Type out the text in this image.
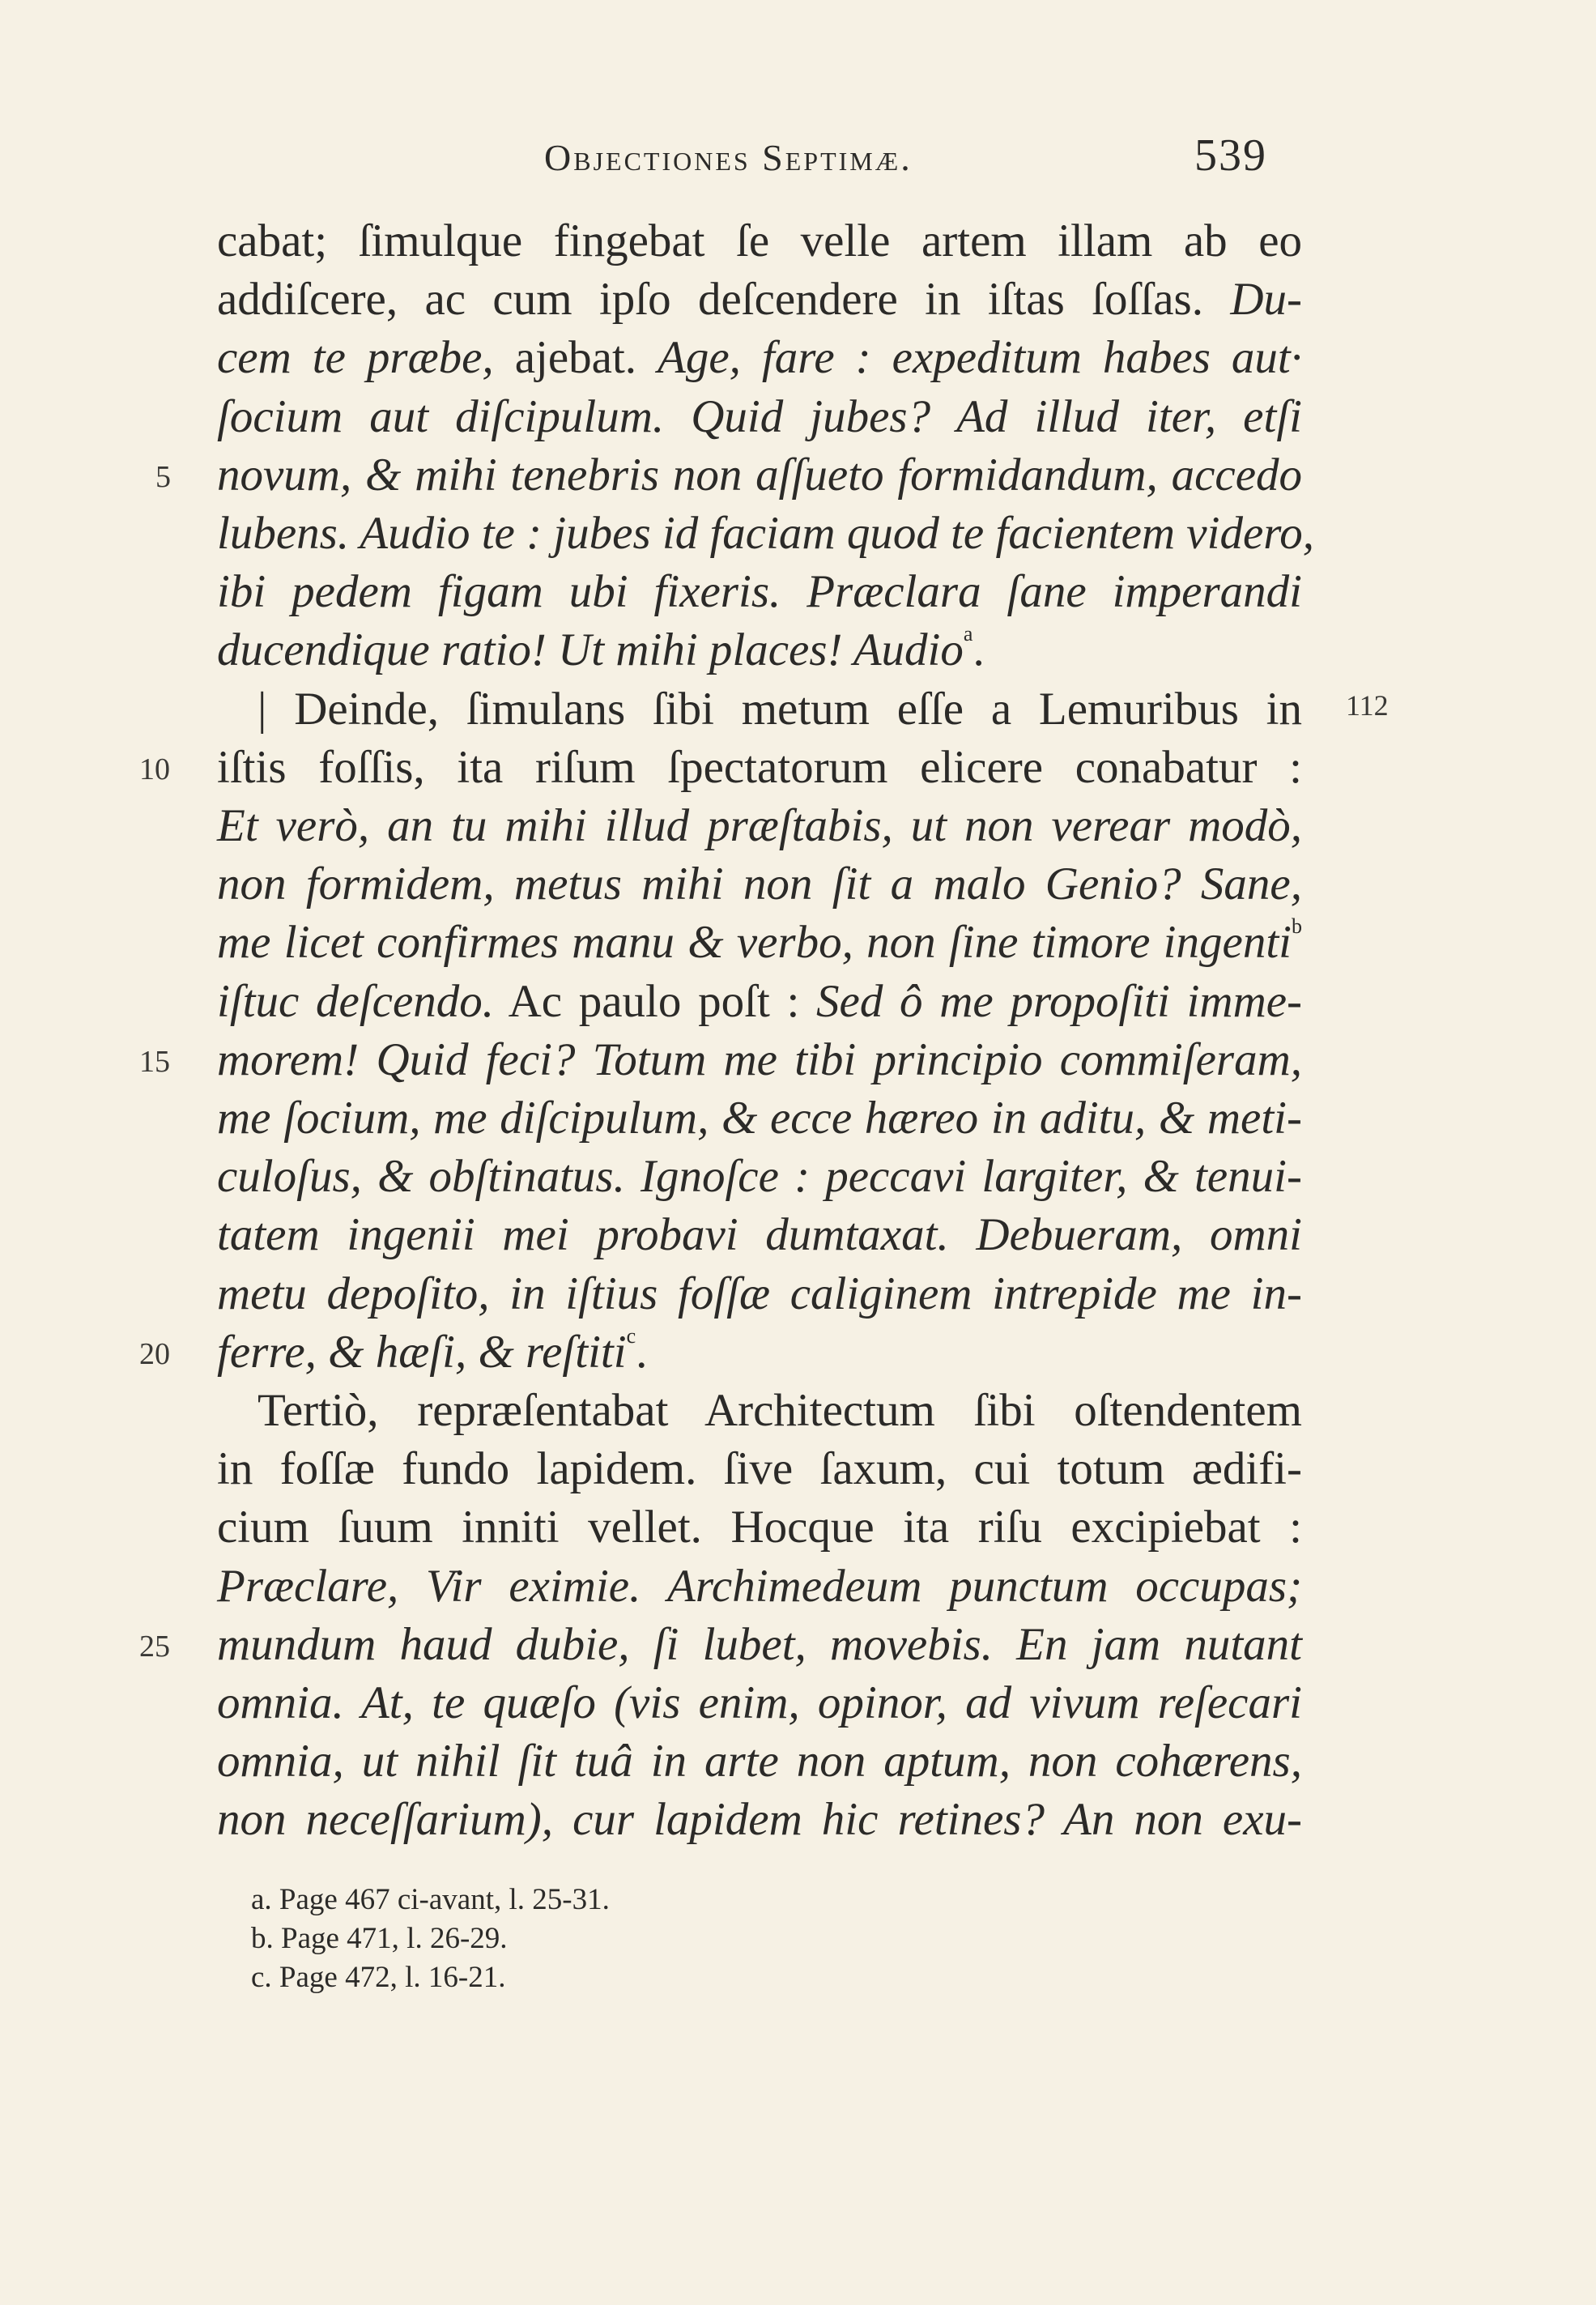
Objectiones Septimæ.	539
cabat; ſimulque fingebat ſe velle artem illam ab eo
addiſcere, ac cum ipſo deſcendere in iſtas ſoſſas. Du-
cem te præbe, ajebat. Age, fare : expeditum habes aut·
ſocium aut diſcipulum. Quid jubes? Ad illud iter, etſi
novum, & mihi tenebris non aſſueto formidandum, accedo
lubens. Audio te : jubes id faciam quod te facientem videro,
ibi pedem figam ubi fixeris. Præclara ſane imperandi
ducendique ratio! Ut mihi places! Audio$^a$.
| Deinde, ſimulans ſibi metum eſſe a Lemuribus in
iſtis foſſis, ita riſum ſpectatorum elicere conabatur :
Et verò, an tu mihi illud præſtabis, ut non verear modò,
non formidem, metus mihi non ſit a malo Genio? Sane,
me licet confirmes manu & verbo, non ſine timore ingenti$^b$
iſtuc deſcendo. Ac paulo poſt : Sed ô me propoſiti imme-
morem! Quid feci? Totum me tibi principio commiſeram,
me ſocium, me diſcipulum, & ecce hæreo in aditu, & meti-
culoſus, & obſtinatus. Ignoſce : peccavi largiter, & tenui-
tatem ingenii mei probavi dumtaxat. Debueram, omni
metu depoſito, in iſtius foſſæ caliginem intrepide me in-
ferre, & hæſi, & reſtiti$^c$.
Tertiò, repræſentabat Architectum ſibi oſtendentem
in foſſæ fundo lapidem. ſive ſaxum, cui totum ædifi-
cium ſuum inniti vellet. Hocque ita riſu excipiebat :
Præclare, Vir eximie. Archimedeum punctum occupas;
mundum haud dubie, ſi lubet, movebis. En jam nutant
omnia. At, te quæſo (vis enim, opinor, ad vivum reſecari
omnia, ut nihil ſit tuâ in arte non aptum, non cohærens,
non neceſſarium), cur lapidem hic retines? An non exu-
5
10
15
20
25
112
a. Page 467 ci-avant, l. 25-31.
b. Page 471, l. 26-29.
c. Page 472, l. 16-21.
